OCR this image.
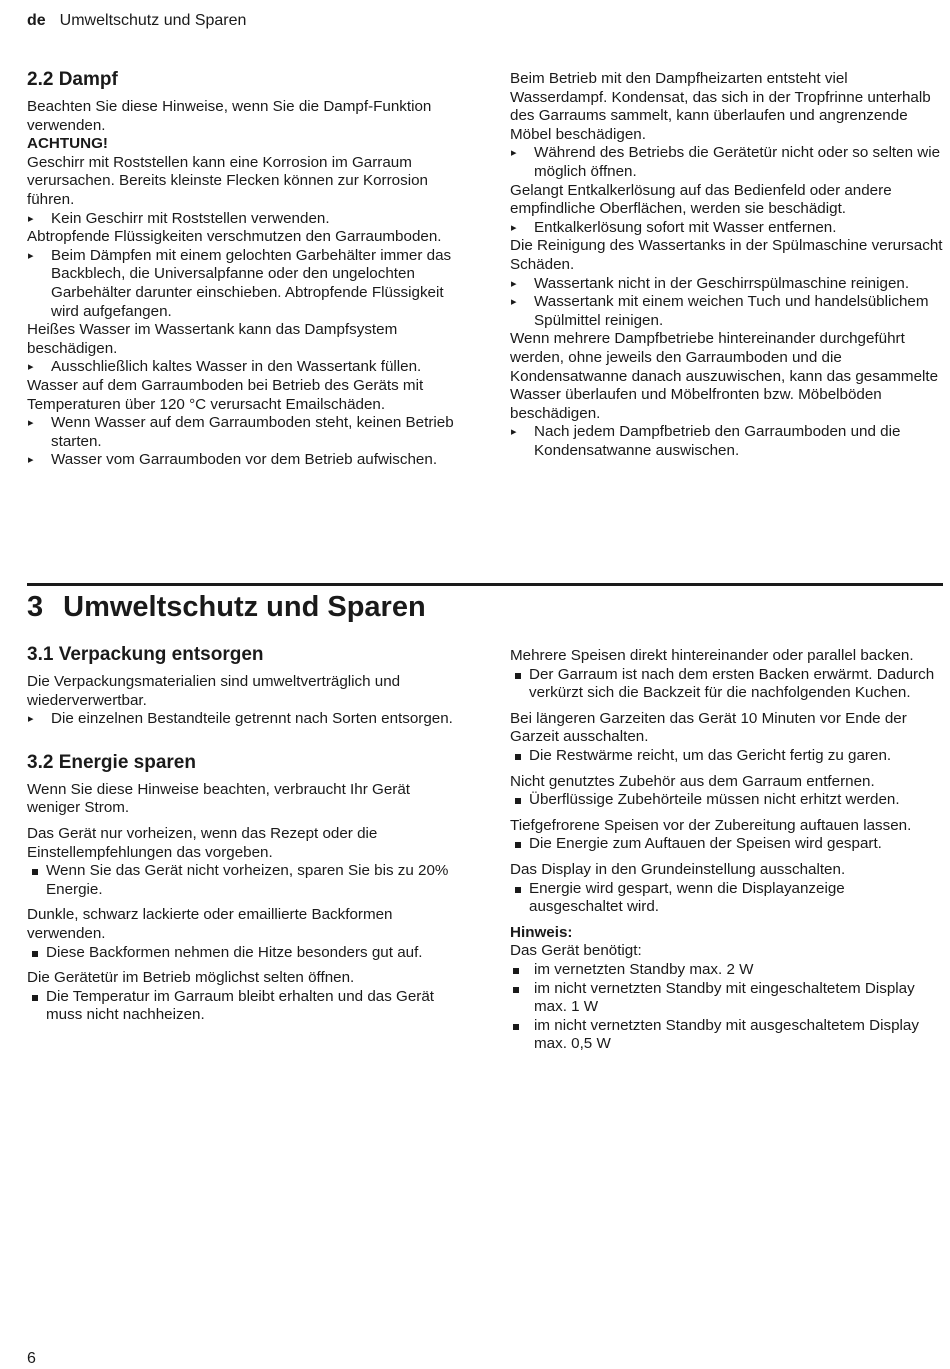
de Umweltschutz und Sparen
2.2 Dampf

Beachten Sie diese Hinweise, wenn Sie die Dampf-Funktion verwenden.

ACHTUNG!

Geschirr mit Roststellen kann eine Korrosion im Garraum verursachen. Bereits kleinste Flecken können zur Korrosion führen.

▸ Kein Geschirr mit Roststellen verwenden.

Abtropfende Flüssigkeiten verschmutzen den Garraumboden.

▸ Beim Dämpfen mit einem gelochten Garbehälter immer das Backblech, die Universalpfanne oder den ungelochten Garbehälter darunter einschieben. Abtropfende Flüssigkeit wird aufgefangen.

Heißes Wasser im Wassertank kann das Dampfsystem beschädigen.

▸ Ausschließlich kaltes Wasser in den Wassertank füllen.

Wasser auf dem Garraumboden bei Betrieb des Geräts mit Temperaturen über 120 °C verursacht Emailschäden.

▸ Wenn Wasser auf dem Garraumboden steht, keinen Betrieb starten.

▸ Wasser vom Garraumboden vor dem Betrieb aufwischen.

Beim Betrieb mit den Dampfheizarten entsteht viel Wasserdampf. Kondensat, das sich in der Tropfrinne unterhalb des Garraums sammelt, kann überlaufen und angrenzende Möbel beschädigen.

▸ Während des Betriebs die Gerätetür nicht oder so selten wie möglich öffnen.

Gelangt Entkalkerlösung auf das Bedienfeld oder andere empfindliche Oberflächen, werden sie beschädigt.

▸ Entkalkerlösung sofort mit Wasser entfernen.

Die Reinigung des Wassertanks in der Spülmaschine verursacht Schäden.

▸ Wassertank nicht in der Geschirrspülmaschine reinigen.

▸ Wassertank mit einem weichen Tuch und handelsüblichem Spülmittel reinigen.

Wenn mehrere Dampfbetriebe hintereinander durchgeführt werden, ohne jeweils den Garraumboden und die Kondensatwanne danach auszuwischen, kann das gesammelte Wasser überlaufen und Möbelfronten bzw. Möbelböden beschädigen.

▸ Nach jedem Dampfbetrieb den Garraumboden und die Kondensatwanne auswischen.

3 Umweltschutz und Sparen
3.1 Verpackung entsorgen

Die Verpackungsmaterialien sind umweltverträglich und wiederverwertbar.

▸ Die einzelnen Bestandteile getrennt nach Sorten entsorgen.

3.2 Energie sparen

Wenn Sie diese Hinweise beachten, verbraucht Ihr Gerät weniger Strom.

Das Gerät nur vorheizen, wenn das Rezept oder die Einstellempfehlungen das vorgeben.

Wenn Sie das Gerät nicht vorheizen, sparen Sie bis zu 20% Energie.

Dunkle, schwarz lackierte oder emaillierte Backformen verwenden.

Diese Backformen nehmen die Hitze besonders gut auf.

Die Gerätetür im Betrieb möglichst selten öffnen.

Die Temperatur im Garraum bleibt erhalten und das Gerät muss nicht nachheizen.

Mehrere Speisen direkt hintereinander oder parallel backen.

Der Garraum ist nach dem ersten Backen erwärmt. Dadurch verkürzt sich die Backzeit für die nachfolgenden Kuchen.

Bei längeren Garzeiten das Gerät 10 Minuten vor Ende der Garzeit ausschalten.

Die Restwärme reicht, um das Gericht fertig zu garen.

Nicht genutztes Zubehör aus dem Garraum entfernen.

Überflüssige Zubehörteile müssen nicht erhitzt werden.

Tiefgefrorene Speisen vor der Zubereitung auftauen lassen.

Die Energie zum Auftauen der Speisen wird gespart.

Das Display in den Grundeinstellung ausschalten.

Energie wird gespart, wenn die Displayanzeige ausgeschaltet wird.

Hinweis:

Das Gerät benötigt:

im vernetzten Standby max. 2 W

im nicht vernetzten Standby mit eingeschaltetem Display max. 1 W

im nicht vernetzten Standby mit ausgeschaltetem Display max. 0,5 W

6
